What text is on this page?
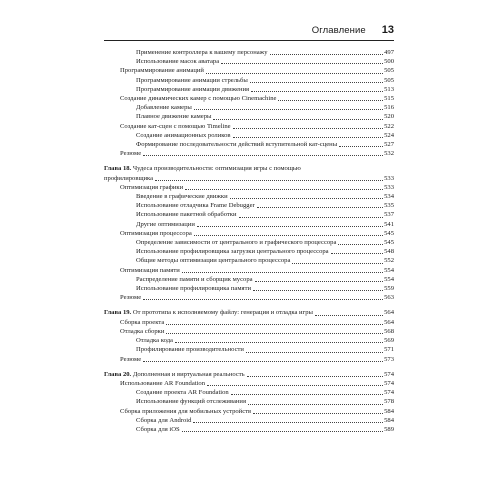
Оглавление 13
Применение контроллера к вашему персонажу	497
Использование масок аватара	500
Программирование анимаций	505
Программирование анимации стрельбы	505
Программирование анимации движения	513
Создание динамических камер с помощью Cinemachine	515
Добавление камеры	516
Плавное движение камеры	520
Создание кат-сцен с помощью Timeline	522
Создание анимационных роликов	524
Формирование последовательности действий вступительной кат-сцены	527
Резюме	532
Глава 18. Чудеса производительности: оптимизация игры с помощью
профилировщика	533
Оптимизация графики	533
Введение в графические движки	534
Использование отладчика Frame Debugger	535
Использование пакетной обработки	537
Другие оптимизации	541
Оптимизация процессора	545
Определение зависимости от центрального и графического процессора	545
Использование профилировщика загрузки центрального процессора	548
Общие методы оптимизации центрального процессора	552
Оптимизация памяти	554
Распределение памяти и сборщик мусора	554
Использование профилировщика памяти	559
Резюме	563
Глава 19. От прототипа к исполняемому файлу: генерация и отладка игры	564
Сборка проекта	564
Отладка сборки	568
Отладка кода	569
Профилирование производительности	571
Резюме	573
Глава 20. Дополненная и виртуальная реальность	574
Использование AR Foundation	574
Создание проекта AR Foundation	574
Использование функций отслеживания	578
Сборка приложения для мобильных устройств	584
Сборка для Android	584
Сборка для iOS	589
